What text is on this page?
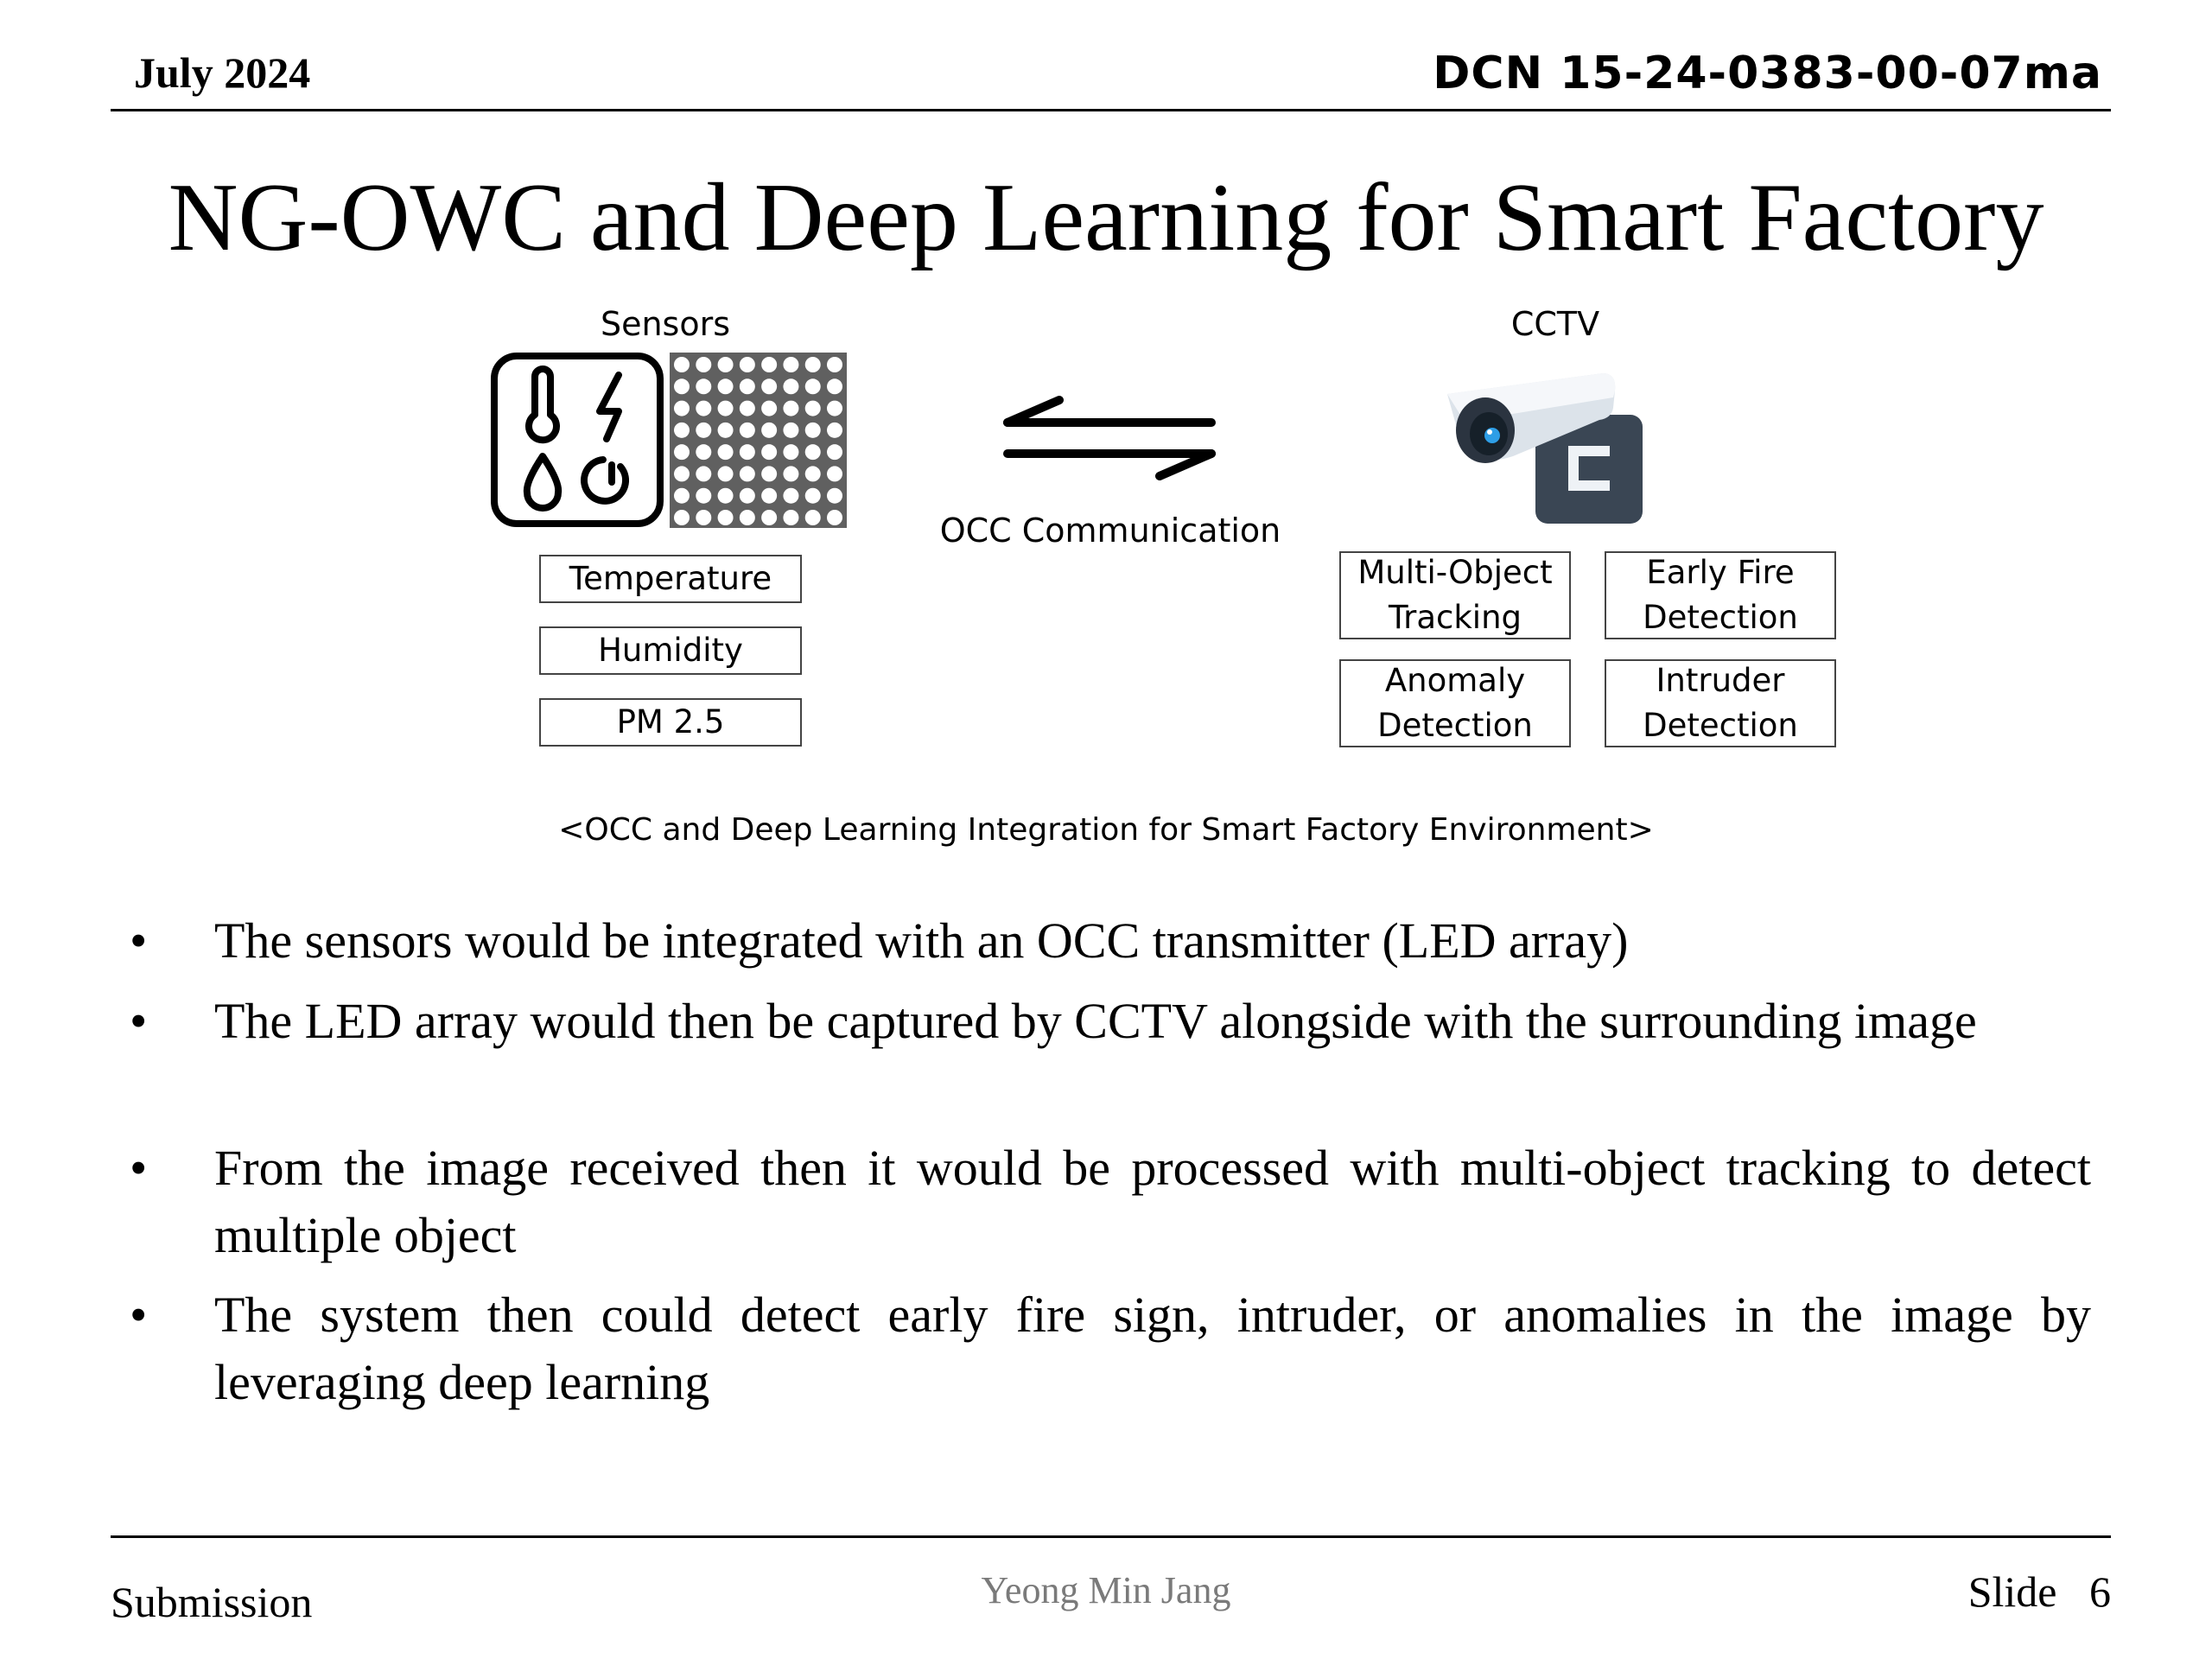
July 2024	DCN 15-24-0383-00-07ma
NG-OWC and Deep Learning for Smart Factory
Sensors	CCTV
OCC Communication
Temperature
Humidity
PM 2.5
Multi-Object
Tracking
Early Fire
Detection
Anomaly
Detection
Intruder
Detection
<OCC and Deep Learning Integration for Smart Factory Environment>
• The sensors would be integrated with an OCC transmitter (LED array)
• The LED array would then be captured by CCTV alongside with the surrounding image
• From the image received then it would be processed with multi-object tracking to detect multiple object
• The system then could detect early fire sign, intruder, or anomalies in the image by leveraging deep learning
Submission	Yeong Min Jang	Slide   6
